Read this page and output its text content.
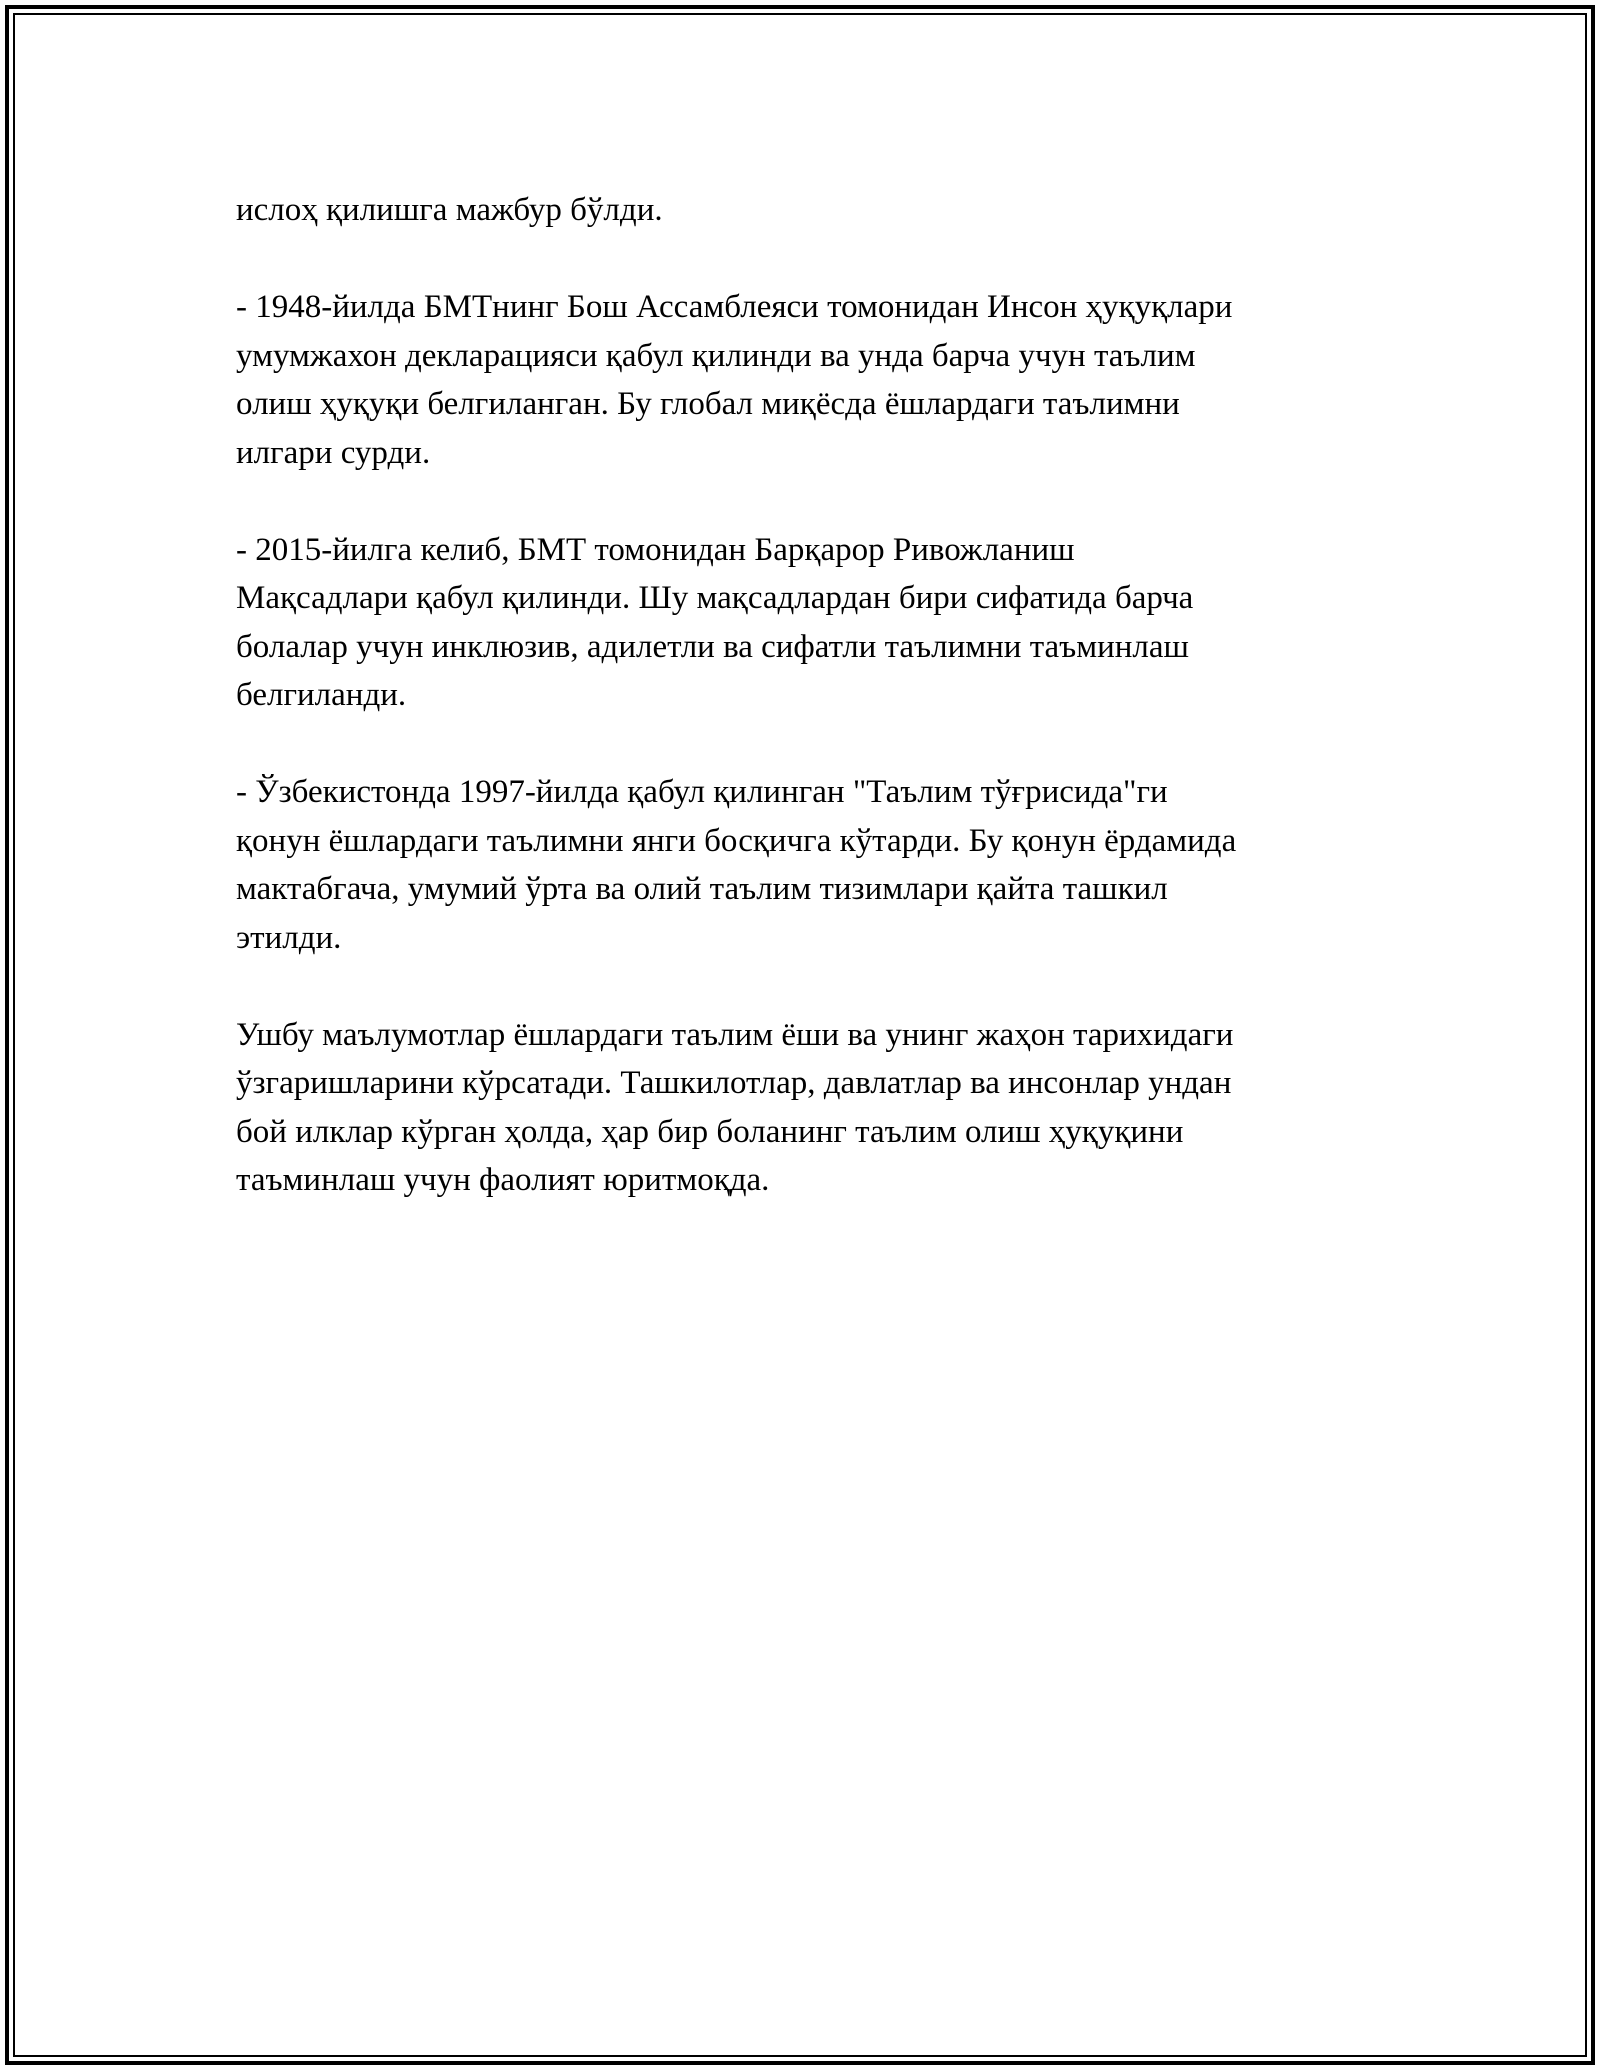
ислоҳ қилишга мажбур бўлди.
- 1948-йилда БМТнинг Бош Ассамблеяси томонидан Инсон ҳуқуқлари
умумжахон декларацияси қабул қилинди ва унда барча учун таълим
олиш ҳуқуқи белгиланган. Бу глобал миқёсда ёшлардаги таълимни
илгари сурди.
- 2015-йилга келиб, БМТ томонидан Барқарор Ривожланиш
Мақсадлари қабул қилинди. Шу мақсадлардан бири сифатида барча
болалар учун инклюзив, адилетли ва сифатли таълимни таъминлаш
белгиланди.
- Ўзбекистонда 1997-йилда қабул қилинган "Таълим тўғрисида"ги
қонун ёшлардаги таълимни янги босқичга кўтарди. Бу қонун ёрдамида
мактабгача, умумий ўрта ва олий таълим тизимлари қайта ташкил
этилди.
Ушбу маълумотлар ёшлардаги таълим ёши ва унинг жаҳон тарихидаги
ўзгаришларини кўрсатади. Ташкилотлар, давлатлар ва инсонлар ундан
бой илклар кўрган ҳолда, ҳар бир боланинг таълим олиш ҳуқуқини
таъминлаш учун фаолият юритмоқда.
